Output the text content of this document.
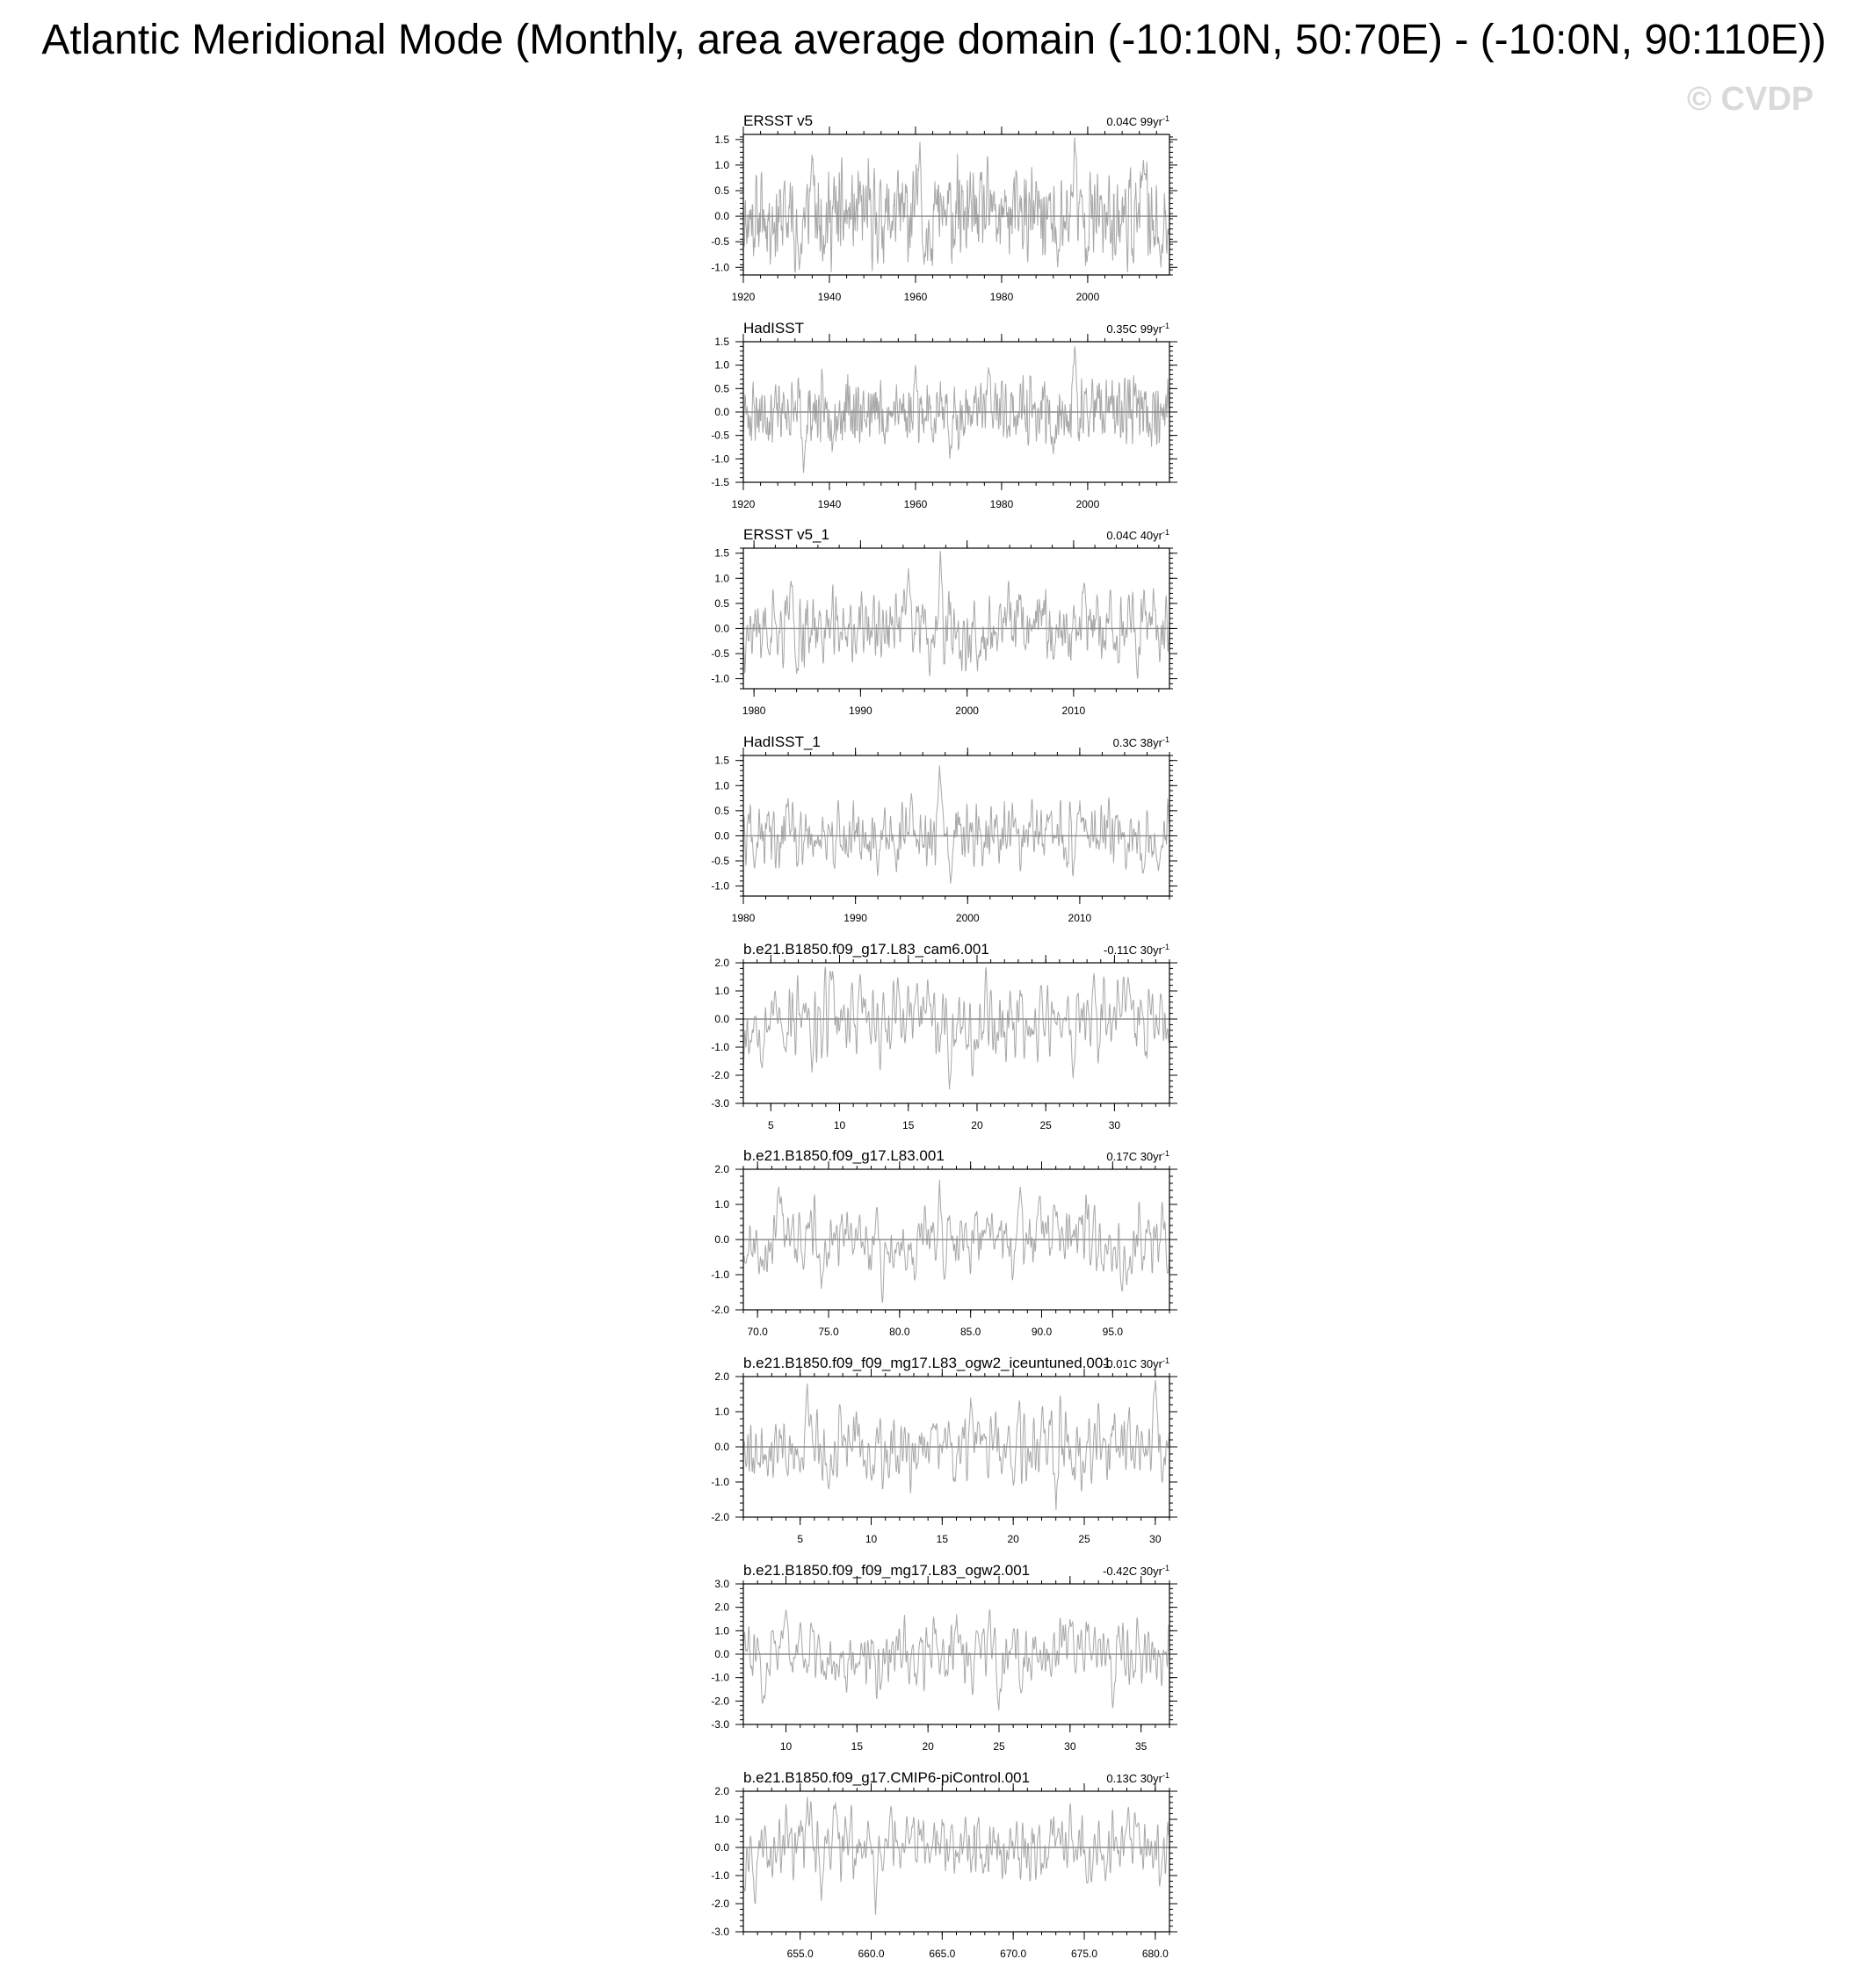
Atlantic Meridional Mode (Monthly, area average domain (-10:10N, 50:70E) - (-10:0N, 90:110E))
© CVDP
ERSST v5	0.04C $99yr^{-1}$
-1.0
-0.5
0.0
0.5
1.0
1.5
1920	1940	1960	1980	2000
HadISST	0.35C $99yr^{-1}$
-1.5
-1.0
-0.5
0.0
0.5
1.0
1.5
1920	1940	1960	1980	2000
ERSST v5_1	0.04C $40yr^{-1}$
-1.0
-0.5
0.0
0.5
1.0
1.5
1980	1990	2000	2010
HadISST_1	0.3C $38yr^{-1}$
-1.0
-0.5
0.0
0.5
1.0
1.5
1980	1990	2000	2010
b.e21.B1850.f09_g17.L83_cam6.001	-0.11C $30yr^{-1}$
-3.0
-2.0
-1.0
0.0
1.0
2.0
5	10	15	20	25	30
b.e21.B1850.f09_g17.L83.001	0.17C $30yr^{-1}$
-2.0
-1.0
0.0
1.0
2.0
70.0	75.0	80.0	85.0	90.0	95.0
b.e21.B1850.f09_f09_mg17.L83_ogw2_iceuntuned.001
-0.01C $30yr^{-1}$
-2.0
-1.0
0.0
1.0
2.0
5	10	15	20	25	30
b.e21.B1850.f09_f09_mg17.L83_ogw2.001	-0.42C $30yr^{-1}$
-3.0
-2.0
-1.0
0.0
1.0
2.0
3.0
10	15	20	25	30	35
b.e21.B1850.f09_g17.CMIP6-piControl.001	0.13C $30yr^{-1}$
-3.0
-2.0
-1.0
0.0
1.0
2.0
655.0	660.0	665.0	670.0	675.0	680.0
